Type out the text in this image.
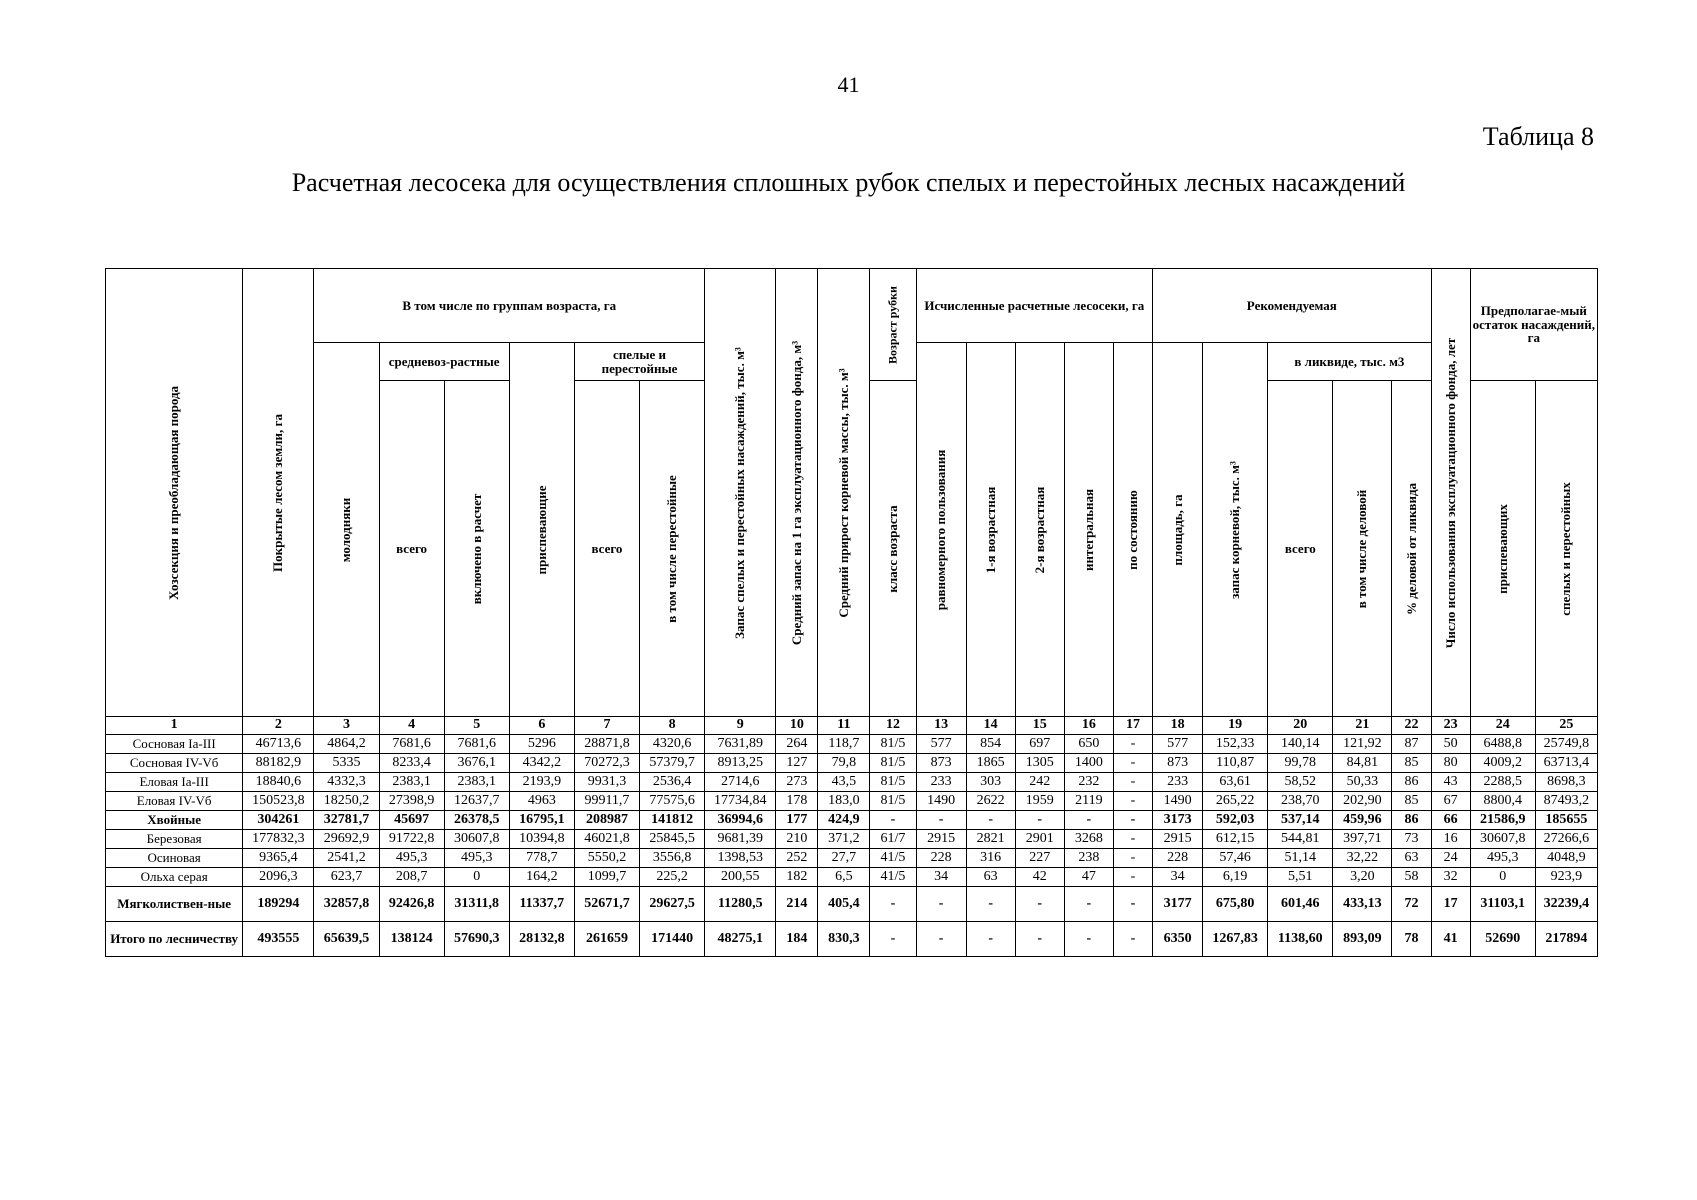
41
Таблица 8
Расчетная лесосека для осуществления сплошных рубок спелых и перестойных лесных насаждений
Хозсекция и преобладающая порода	Покрытые лесом земли, га	В том числе по группам возраста, га						Запас спелых и перестойных насаждений, тыс. м³	Средний запас на 1 га эксплуатационного фонда, м³	Средний прирост корневой массы, тыс. м³	Возраст рубки	Исчисленные расчетные лесосеки, га					Рекомендуемая					Число использования эксплуатационного фонда, лет	Предполагае-мый остаток насаждений, га	

		молодняки	средневоз-растные		приспевающие	спелые и перестойные						равномерного пользования	1-я возрастная	2-я возрастная	интегральная	по состоянию	площадь, га	запас корневой, тыс. м³	в ликвиде, тыс. м3					
			всего	включено в расчет		всего	в том числе перестойные				класс возраста								всего	в том числе деловой	% деловой от ликвида		приспевающих	спелых и перестойных

1	2	3	4	5	6	7	8	9	10	11	12	13	14	15	16	17	18	19	20	21	22	23	24	25
Сосновая Ia-III	46713,6	4864,2	7681,6	7681,6	5296	28871,8	4320,6	7631,89	264	118,7	81/5	577	854	697	650	-	577	152,33	140,14	121,92	87	50	6488,8	25749,8
Сосновая IV-Vб	88182,9	5335	8233,4	3676,1	4342,2	70272,3	57379,7	8913,25	127	79,8	81/5	873	1865	1305	1400	-	873	110,87	99,78	84,81	85	80	4009,2	63713,4
Еловая Ia-III	18840,6	4332,3	2383,1	2383,1	2193,9	9931,3	2536,4	2714,6	273	43,5	81/5	233	303	242	232	-	233	63,61	58,52	50,33	86	43	2288,5	8698,3
Еловая IV-Vб	150523,8	18250,2	27398,9	12637,7	4963	99911,7	77575,6	17734,84	178	183,0	81/5	1490	2622	1959	2119	-	1490	265,22	238,70	202,90	85	67	8800,4	87493,2
Хвойные	304261	32781,7	45697	26378,5	16795,1	208987	141812	36994,6	177	424,9	-	-	-	-	-	-	3173	592,03	537,14	459,96	86	66	21586,9	185655
Березовая	177832,3	29692,9	91722,8	30607,8	10394,8	46021,8	25845,5	9681,39	210	371,2	61/7	2915	2821	2901	3268	-	2915	612,15	544,81	397,71	73	16	30607,8	27266,6
Осиновая	9365,4	2541,2	495,3	495,3	778,7	5550,2	3556,8	1398,53	252	27,7	41/5	228	316	227	238	-	228	57,46	51,14	32,22	63	24	495,3	4048,9
Ольха серая	2096,3	623,7	208,7	0	164,2	1099,7	225,2	200,55	182	6,5	41/5	34	63	42	47	-	34	6,19	5,51	3,20	58	32	0	923,9
Мягколиствен-ные	189294	32857,8	92426,8	31311,8	11337,7	52671,7	29627,5	11280,5	214	405,4	-	-	-	-	-	-	3177	675,80	601,46	433,13	72	17	31103,1	32239,4
Итого по лесничеству	493555	65639,5	138124	57690,3	28132,8	261659	171440	48275,1	184	830,3	-	-	-	-	-	-	6350	1267,83	1138,60	893,09	78	41	52690	217894
